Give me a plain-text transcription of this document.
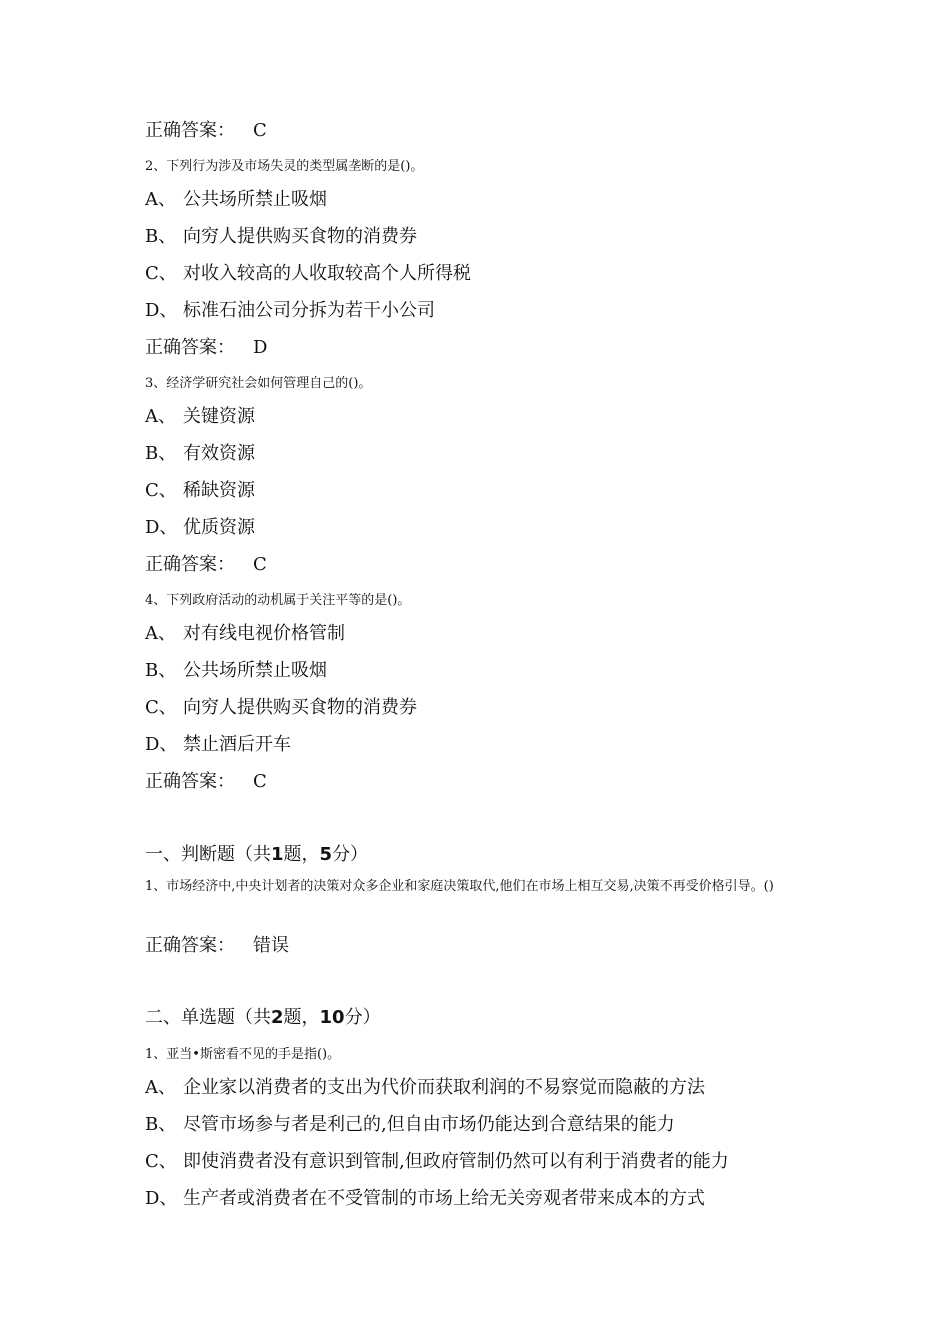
正确答案： C
2、下列行为涉及市场失灵的类型属垄断的是()。
A、 公共场所禁止吸烟
B、 向穷人提供购买食物的消费券
C、 对收入较高的人收取较高个人所得税
D、 标准石油公司分拆为若干小公司
正确答案： D
3、经济学研究社会如何管理自己的()。
A、 关键资源
B、 有效资源
C、 稀缺资源
D、 优质资源
正确答案： C
4、下列政府活动的动机属于关注平等的是()。
A、 对有线电视价格管制
B、 公共场所禁止吸烟
C、 向穷人提供购买食物的消费券
D、 禁止酒后开车
正确答案： C
一、判断题（共1题，5分）
1、市场经济中,中央计划者的决策对众多企业和家庭决策取代,他们在市场上相互交易,决策不再受价格引导。()
正确答案： 错误
二、单选题（共2题，10分）
1、亚当•斯密看不见的手是指()。
A、 企业家以消费者的支出为代价而获取利润的不易察觉而隐蔽的方法
B、 尽管市场参与者是利己的,但自由市场仍能达到合意结果的能力
C、 即使消费者没有意识到管制,但政府管制仍然可以有利于消费者的能力
D、 生产者或消费者在不受管制的市场上给无关旁观者带来成本的方式
